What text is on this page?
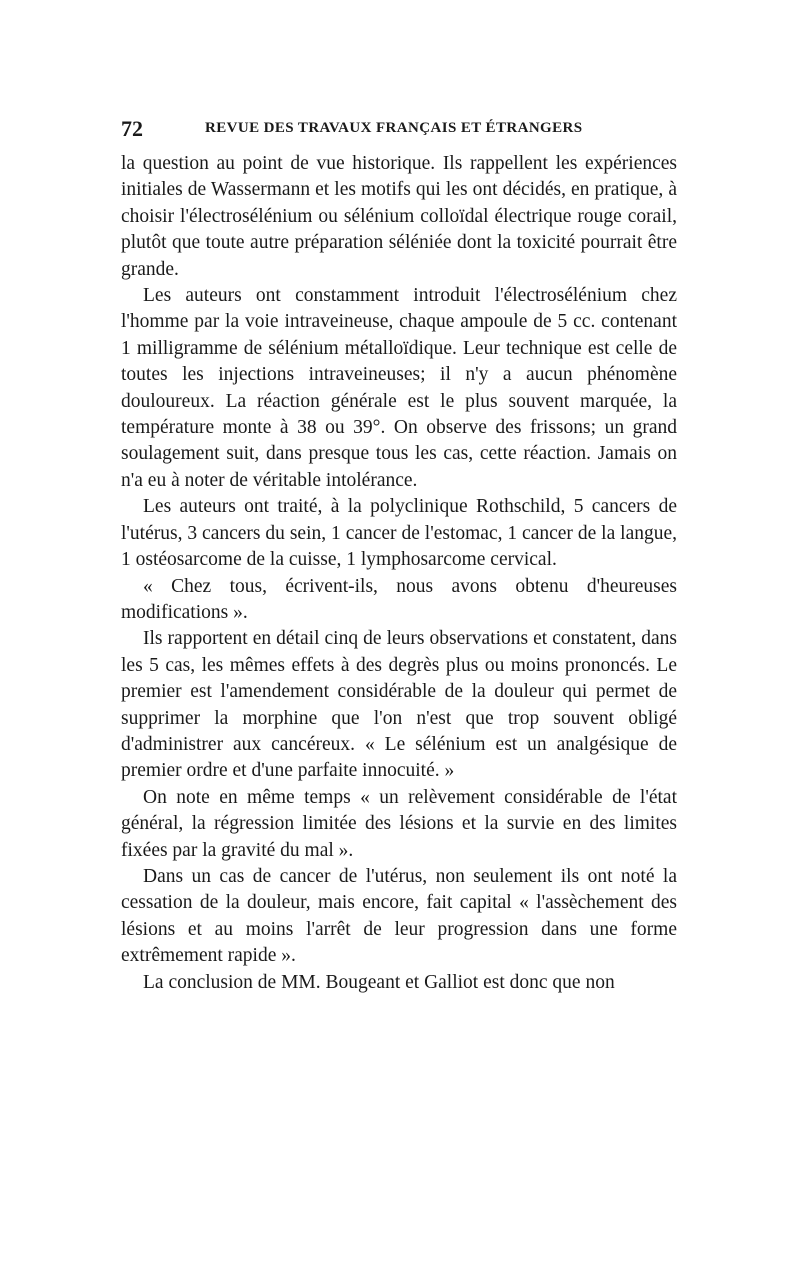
72	REVUE DES TRAVAUX FRANÇAIS ET ÉTRANGERS

la question au point de vue historique. Ils rappellent les expériences initiales de Wassermann et les motifs qui les ont décidés, en pratique, à choisir l'électrosélénium ou sélénium colloïdal électrique rouge corail, plutôt que toute autre préparation séléniée dont la toxicité pourrait être grande.

Les auteurs ont constamment introduit l'électrosélénium chez l'homme par la voie intraveineuse, chaque ampoule de 5 cc. contenant 1 milligramme de sélénium métalloïdique. Leur technique est celle de toutes les injections intraveineuses; il n'y a aucun phénomène douloureux. La réaction générale est le plus souvent marquée, la température monte à 38 ou 39°. On observe des frissons; un grand soulagement suit, dans presque tous les cas, cette réaction. Jamais on n'a eu à noter de véritable intolérance.

Les auteurs ont traité, à la polyclinique Rothschild, 5 cancers de l'utérus, 3 cancers du sein, 1 cancer de l'estomac, 1 cancer de la langue, 1 ostéosarcome de la cuisse, 1 lymphosarcome cervical.

« Chez tous, écrivent-ils, nous avons obtenu d'heureuses modifications ».

Ils rapportent en détail cinq de leurs observations et constatent, dans les 5 cas, les mêmes effets à des degrès plus ou moins prononcés. Le premier est l'amendement considérable de la douleur qui permet de supprimer la morphine que l'on n'est que trop souvent obligé d'administrer aux cancéreux. « Le sélénium est un analgésique de premier ordre et d'une parfaite innocuité. »

On note en même temps « un relèvement considérable de l'état général, la régression limitée des lésions et la survie en des limites fixées par la gravité du mal ».

Dans un cas de cancer de l'utérus, non seulement ils ont noté la cessation de la douleur, mais encore, fait capital « l'assèchement des lésions et au moins l'arrêt de leur progression dans une forme extrêmement rapide ».

La conclusion de MM. Bougeant et Galliot est donc que non
